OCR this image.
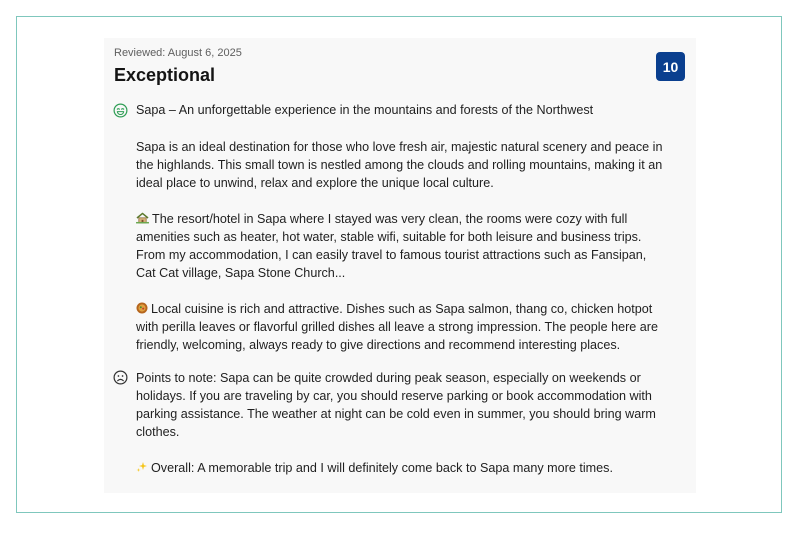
Reviewed: August 6, 2025
Exceptional	10

Sapa – An unforgettable experience in the mountains and forests of the Northwest

Sapa is an ideal destination for those who love fresh air, majestic natural scenery and peace in

the highlands. This small town is nestled among the clouds and rolling mountains, making it an

ideal place to unwind, relax and explore the unique local culture.

The resort/hotel in Sapa where I stayed was very clean, the rooms were cozy with full

amenities such as heater, hot water, stable wifi, suitable for both leisure and business trips.

From my accommodation, I can easily travel to famous tourist attractions such as Fansipan,

Cat Cat village, Sapa Stone Church...

Local cuisine is rich and attractive. Dishes such as Sapa salmon, thang co, chicken hotpot

with perilla leaves or flavorful grilled dishes all leave a strong impression. The people here are

friendly, welcoming, always ready to give directions and recommend interesting places.

Points to note: Sapa can be quite crowded during peak season, especially on weekends or

holidays. If you are traveling by car, you should reserve parking or book accommodation with

parking assistance. The weather at night can be cold even in summer, you should bring warm

clothes.

Overall: A memorable trip and I will definitely come back to Sapa many more times.
